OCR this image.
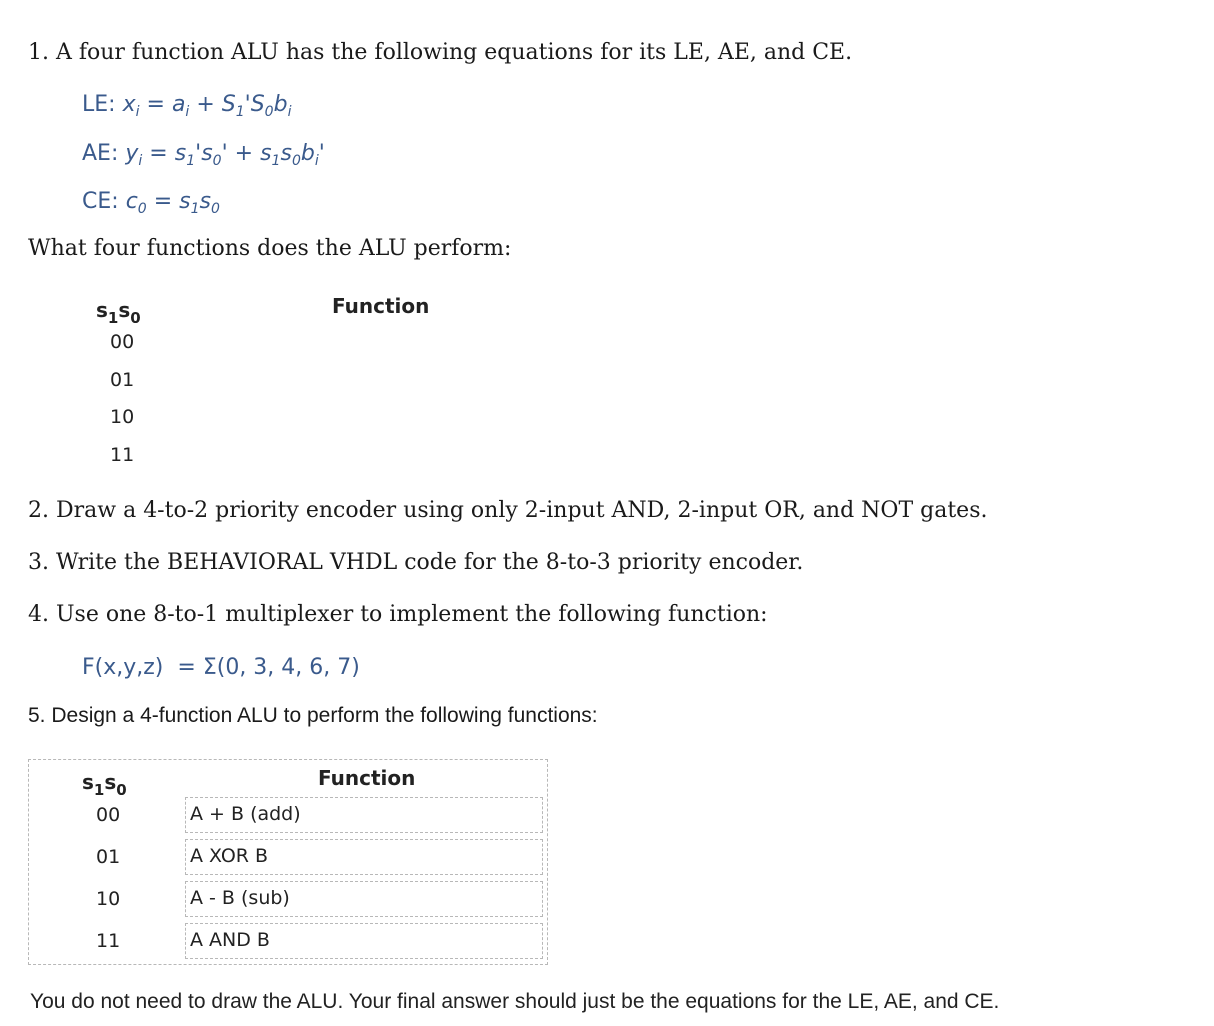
1. A four function ALU has the following equations for its LE, AE, and CE.
LE: $x_i = a_i + S_1'S_0b_i$
AE: $y_i = s_1's_0' + s_1s_0b_i'$
CE: $c_0 = s_1s_0$
What four functions does the ALU perform:
$s_1s_0$	Function
00
01
10
11
2. Draw a 4-to-2 priority encoder using only 2-input AND, 2-input OR, and NOT gates.
3. Write the BEHAVIORAL VHDL code for the 8-to-3 priority encoder.
4. Use one 8-to-1 multiplexer to implement the following function:
F(x,y,z) = Σ(0, 3, 4, 6, 7)
5. Design a 4-function ALU to perform the following functions:
$s_1s_0$	Function
00	A + B (add)
01	A XOR B
10	A - B (sub)
11	A AND B
You do not need to draw the ALU. Your final answer should just be the equations for the LE, AE, and CE.
